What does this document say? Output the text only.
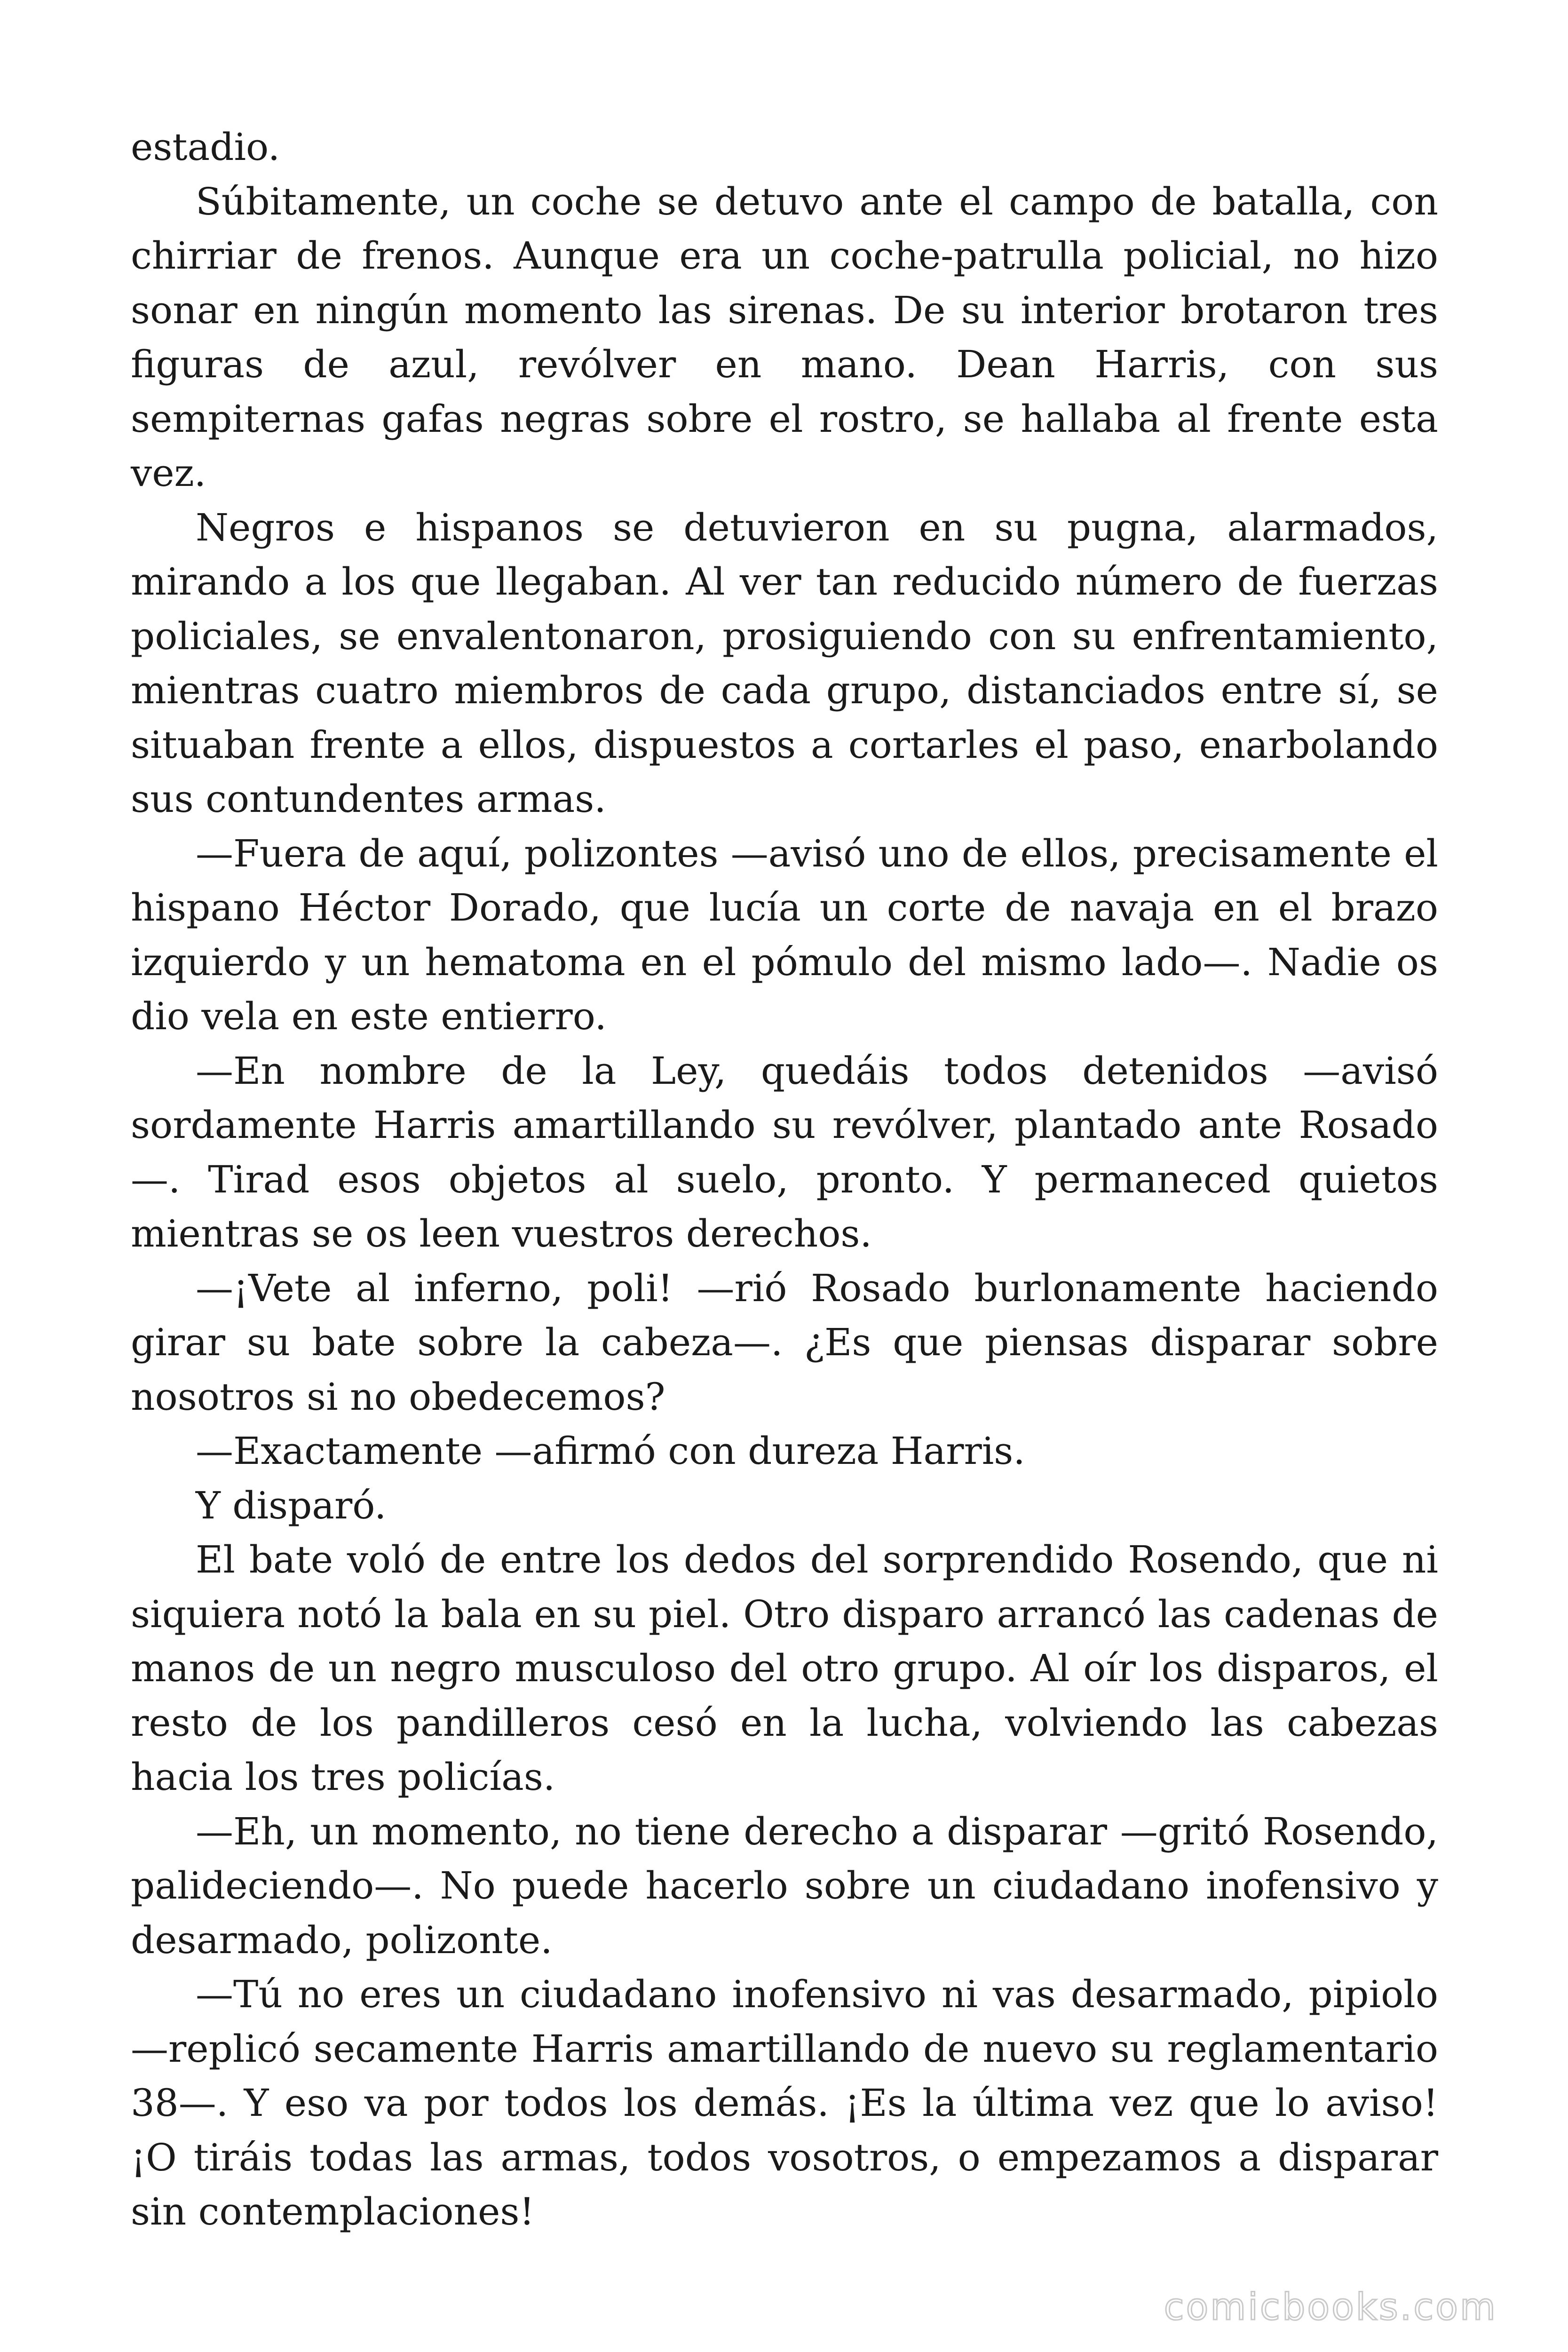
estadio.

Súbitamente, un coche se detuvo ante el campo de batalla, con chirriar de frenos. Aunque era un coche-patrulla policial, no hizo sonar en ningún momento las sirenas. De su interior brotaron tres figuras de azul, revólver en mano. Dean Harris, con sus sempiternas gafas negras sobre el rostro, se hallaba al frente esta vez.

Negros e hispanos se detuvieron en su pugna, alarmados, mirando a los que llegaban. Al ver tan reducido número de fuerzas policiales, se envalentonaron, prosiguiendo con su enfrentamiento, mientras cuatro miembros de cada grupo, distanciados entre sí, se situaban frente a ellos, dispuestos a cortarles el paso, enarbolando sus contundentes armas.

—Fuera de aquí, polizontes —avisó uno de ellos, precisamente el hispano Héctor Dorado, que lucía un corte de navaja en el brazo izquierdo y un hematoma en el pómulo del mismo lado—. Nadie os dio vela en este entierro.

—En nombre de la Ley, quedáis todos detenidos —avisó sordamente Harris amartillando su revólver, plantado ante Rosado —. Tirad esos objetos al suelo, pronto. Y permaneced quietos mientras se os leen vuestros derechos.

—¡Vete al inferno, poli! —rió Rosado burlonamente haciendo girar su bate sobre la cabeza—. ¿Es que piensas disparar sobre nosotros si no obedecemos?

—Exactamente —afirmó con dureza Harris.

Y disparó.

El bate voló de entre los dedos del sorprendido Rosendo, que ni siquiera notó la bala en su piel. Otro disparo arrancó las cadenas de manos de un negro musculoso del otro grupo. Al oír los disparos, el resto de los pandilleros cesó en la lucha, volviendo las cabezas hacia los tres policías.

—Eh, un momento, no tiene derecho a disparar —gritó Rosendo, palideciendo—. No puede hacerlo sobre un ciudadano inofensivo y desarmado, polizonte.

—Tú no eres un ciudadano inofensivo ni vas desarmado, pipiolo —replicó secamente Harris amartillando de nuevo su reglamentario 38—. Y eso va por todos los demás. ¡Es la última vez que lo aviso! ¡O tiráis todas las armas, todos vosotros, o empezamos a disparar sin contemplaciones!

comicbooks.com
